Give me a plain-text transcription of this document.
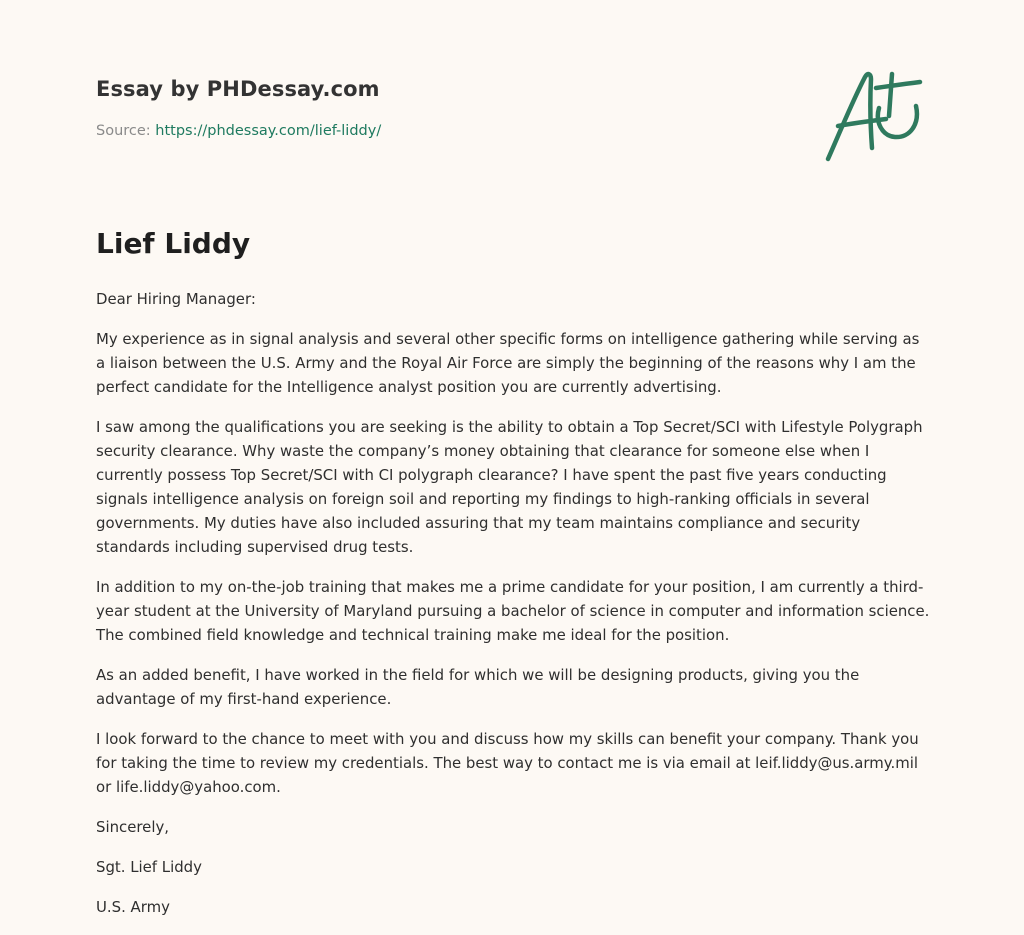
Essay by PHDessay.com
Source: https://phdessay.com/lief-liddy/
Lief Liddy

Dear Hiring Manager:

My experience as in signal analysis and several other specific forms on intelligence gathering while serving as a liaison between the U.S. Army and the Royal Air Force are simply the beginning of the reasons why I am the perfect candidate for the Intelligence analyst position you are currently advertising.

I saw among the qualifications you are seeking is the ability to obtain a Top Secret/SCI with Lifestyle Polygraph security clearance. Why waste the company’s money obtaining that clearance for someone else when I currently possess Top Secret/SCI with CI polygraph clearance? I have spent the past five years conducting signals intelligence analysis on foreign soil and reporting my findings to high-ranking officials in several governments. My duties have also included assuring that my team maintains compliance and security standards including supervised drug tests.

In addition to my on-the-job training that makes me a prime candidate for your position, I am currently a third-year student at the University of Maryland pursuing a bachelor of science in computer and information science. The combined field knowledge and technical training make me ideal for the position.

As an added benefit, I have worked in the field for which we will be designing products, giving you the advantage of my first-hand experience.

I look forward to the chance to meet with you and discuss how my skills can benefit your company. Thank you for taking the time to review my credentials. The best way to contact me is via email at leif.liddy@us.army.mil or life.liddy@yahoo.com.

Sincerely,

Sgt. Lief Liddy

U.S. Army
